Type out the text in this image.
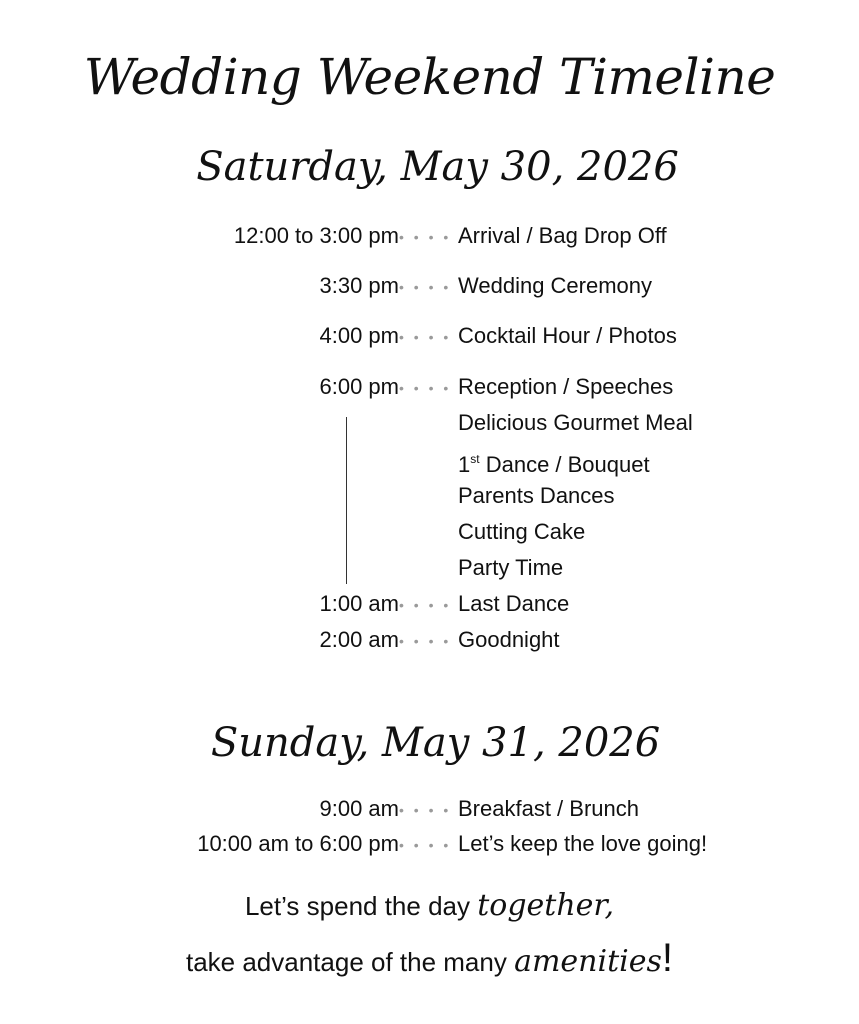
Wedding Weekend Timeline
Saturday, May 30, 2026
12:00 to 3:00 pm • • • • Arrival / Bag Drop Off
3:30 pm • • • • Wedding Ceremony
4:00 pm • • • • Cocktail Hour / Photos
6:00 pm • • • • Reception / Speeches
Delicious Gourmet Meal
1st Dance / Bouquet
Parents Dances
Cutting Cake
Party Time
1:00 am • • • • Last Dance
2:00 am • • • • Goodnight
Sunday, May 31, 2026
9:00 am • • • • Breakfast / Brunch
10:00 am to 6:00 pm • • • • Let’s keep the love going!
Let’s spend the day together,
take advantage of the many amenities!
